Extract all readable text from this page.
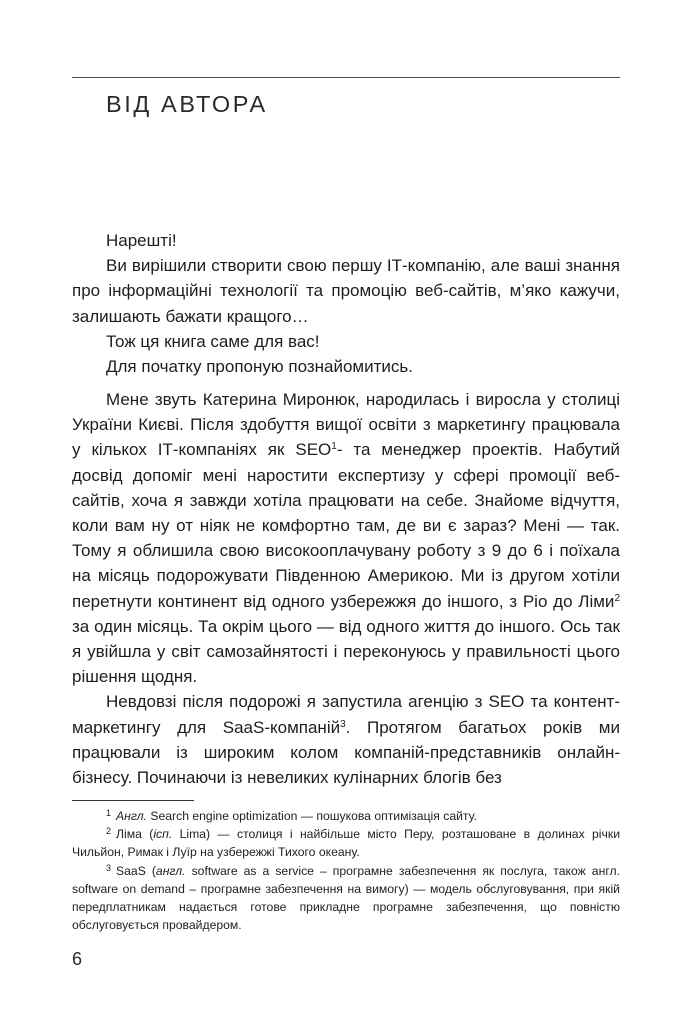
ВІД АВТОРА

Нарешті!

Ви вирішили створити свою першу ІТ-компанію, але ваші знання про інформаційні технології та промоцію веб-сайтів, м’яко кажучи, залишають бажати кращого…

Тож ця книга саме для вас!

Для початку пропоную познайомитись.

Мене звуть Катерина Миронюк, народилась і виросла у столиці України Києві. Після здобуття вищої освіти з маркетингу працювала у кількох ІТ-компаніях як SEO$^1$- та менеджер проектів. Набутий досвід допоміг мені наростити експертизу у сфері промоції веб-сайтів, хоча я завжди хотіла працювати на себе. Знайоме відчуття, коли вам ну от ніяк не комфортно там, де ви є зараз? Мені — так. Тому я облишила свою високооплачувану роботу з 9 до 6 і поїхала на місяць подорожувати Південною Америкою. Ми із другом хотіли перетнути континент від одного узбережжя до іншого, з Ріо до Ліми$^2$ за один місяць. Та окрім цього — від одного життя до іншого. Ось так я увійшла у світ самозайнятості і переконуюсь у правильності цього рішення щодня.

Невдовзі після подорожі я запустила агенцію з SEO та контент-маркетингу для SaaS-компаній$^3$. Протягом багатьох років ми працювали із широким колом компаній-представників онлайн-бізнесу. Починаючи із невеликих кулінарних блогів без

$^1$ Англ. Search engine optimization — пошукова оптимізація сайту.

$^2$ Ліма (ісп. Lima) — столиця і найбільше місто Перу, розташоване в долинах річки Чильйон, Римак і Луїр на узбережжі Тихого океану.

$^3$ SaaS (англ. software as a service – програмне забезпечення як послуга, також англ. software on demand – програмне забезпечення на вимогу) — модель обслуговування, при якій передплатникам надається готове прикладне програмне забезпечення, що повністю обслуговується провайдером.

6
